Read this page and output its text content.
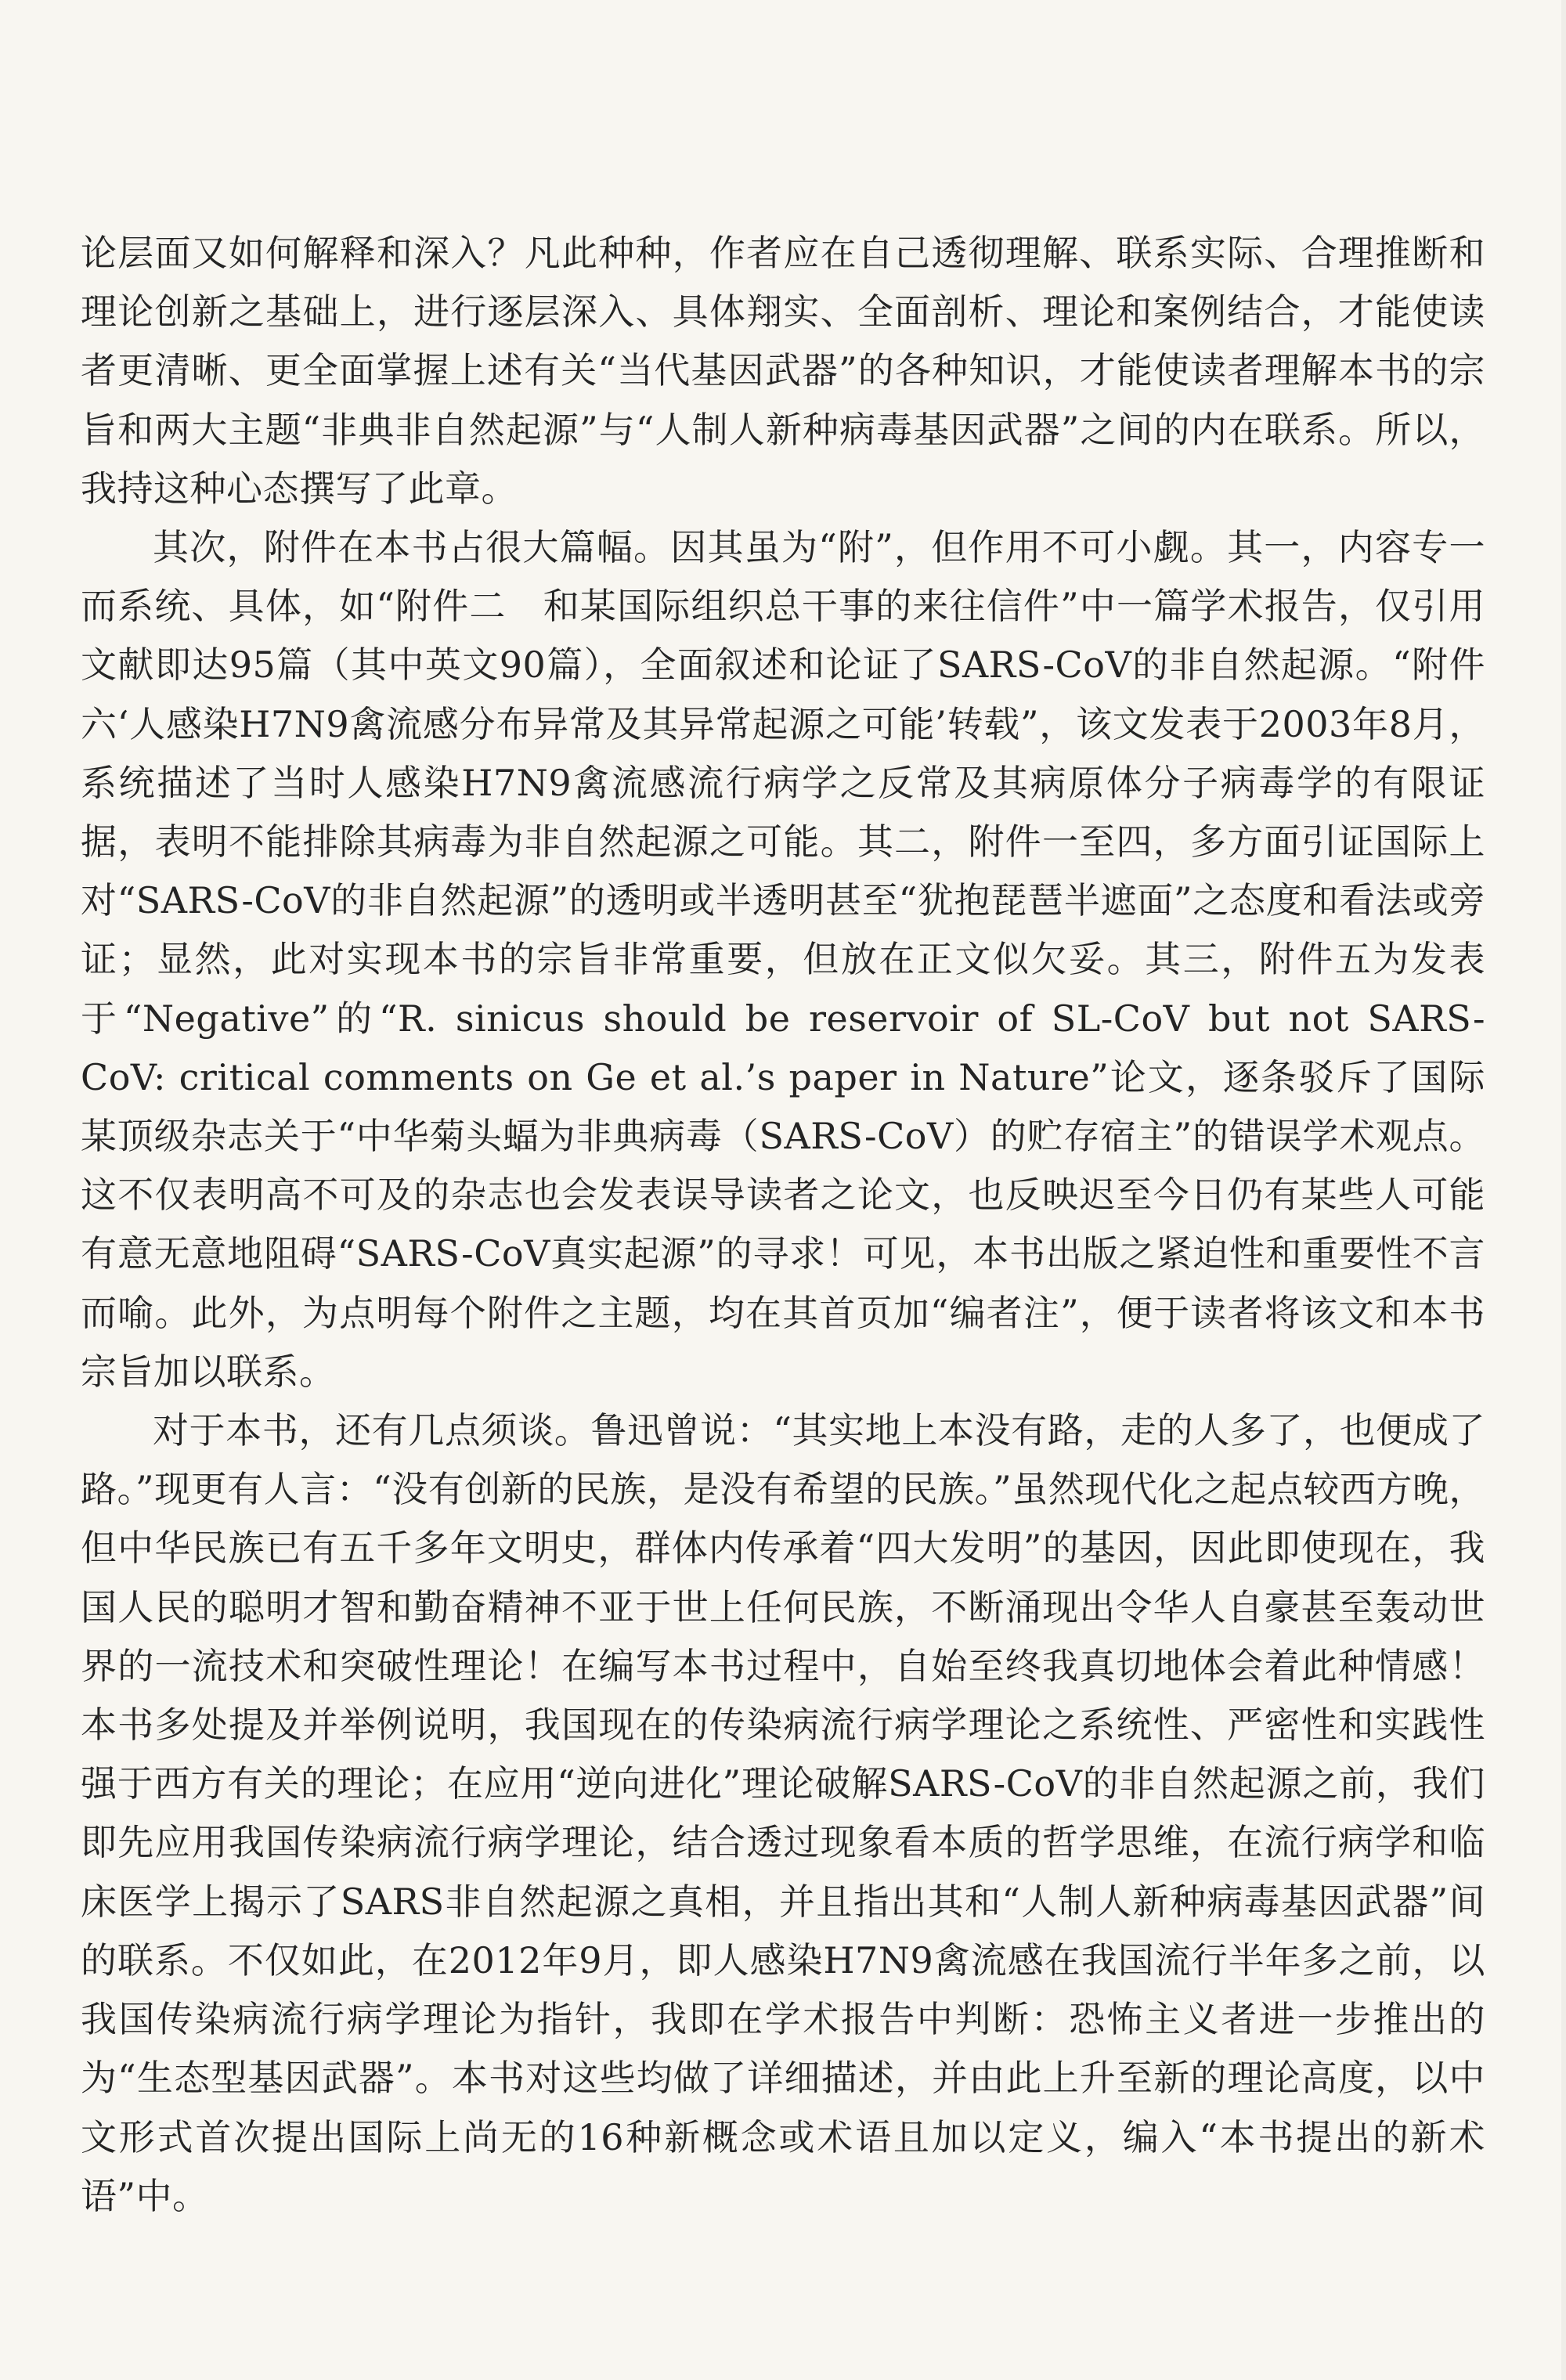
论层面又如何解释和深入？凡此种种，作者应在自己透彻理解、联系实际、合理推断和理论创新之基础上，进行逐层深入、具体翔实、全面剖析、理论和案例结合，才能使读者更清晰、更全面掌握上述有关“当代基因武器”的各种知识，才能使读者理解本书的宗旨和两大主题“非典非自然起源”与“人制人新种病毒基因武器”之间的内在联系。所以，我持这种心态撰写了此章。

其次，附件在本书占很大篇幅。因其虽为“附”，但作用不可小觑。其一，内容专一而系统、具体，如“附件二　和某国际组织总干事的来往信件”中一篇学术报告，仅引用文献即达95篇（其中英文90篇），全面叙述和论证了SARS-CoV的非自然起源。“附件六‘人感染H7N9禽流感分布异常及其异常起源之可能’转载”，该文发表于2003年8月，系统描述了当时人感染H7N9禽流感流行病学之反常及其病原体分子病毒学的有限证据，表明不能排除其病毒为非自然起源之可能。其二，附件一至四，多方面引证国际上对“SARS-CoV的非自然起源”的透明或半透明甚至“犹抱琵琶半遮面”之态度和看法或旁证；显然，此对实现本书的宗旨非常重要，但放在正文似欠妥。其三，附件五为发表于“Negative”的“R. sinicus should be reservoir of SL-CoV but not SARS-CoV: critical comments on Ge et al.’s paper in Nature”论文，逐条驳斥了国际某顶级杂志关于“中华菊头蝠为非典病毒（SARS-CoV）的贮存宿主”的错误学术观点。这不仅表明高不可及的杂志也会发表误导读者之论文，也反映迟至今日仍有某些人可能有意无意地阻碍“SARS-CoV真实起源”的寻求！可见，本书出版之紧迫性和重要性不言而喻。此外，为点明每个附件之主题，均在其首页加“编者注”，便于读者将该文和本书宗旨加以联系。

对于本书，还有几点须谈。鲁迅曾说：“其实地上本没有路，走的人多了，也便成了路。”现更有人言：“没有创新的民族，是没有希望的民族。”虽然现代化之起点较西方晚，但中华民族已有五千多年文明史，群体内传承着“四大发明”的基因，因此即使现在，我国人民的聪明才智和勤奋精神不亚于世上任何民族，不断涌现出令华人自豪甚至轰动世界的一流技术和突破性理论！在编写本书过程中，自始至终我真切地体会着此种情感！本书多处提及并举例说明，我国现在的传染病流行病学理论之系统性、严密性和实践性强于西方有关的理论；在应用“逆向进化”理论破解SARS-CoV的非自然起源之前，我们即先应用我国传染病流行病学理论，结合透过现象看本质的哲学思维，在流行病学和临床医学上揭示了SARS非自然起源之真相，并且指出其和“人制人新种病毒基因武器”间的联系。不仅如此，在2012年9月，即人感染H7N9禽流感在我国流行半年多之前，以我国传染病流行病学理论为指针，我即在学术报告中判断：恐怖主义者进一步推出的为“生态型基因武器”。本书对这些均做了详细描述，并由此上升至新的理论高度，以中文形式首次提出国际上尚无的16种新概念或术语且加以定义，编入“本书提出的新术语”中。
